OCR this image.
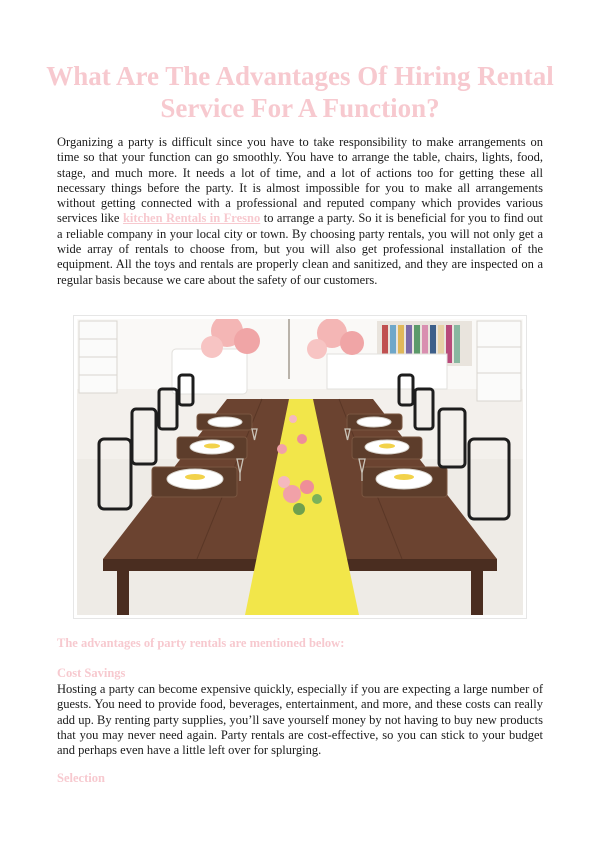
What Are The Advantages Of Hiring Rental Service For A Function?

Organizing a party is difficult since you have to take responsibility to make arrangements on time so that your function can go smoothly. You have to arrange the table, chairs, lights, food, stage, and much more. It needs a lot of time, and a lot of actions too for getting these all necessary things before the party. It is almost impossible for you to make all arrangements without getting connected with a professional and reputed company which provides various services like kitchen Rentals in Fresno to arrange a party. So it is beneficial for you to find out a reliable company in your local city or town. By choosing party rentals, you will not only get a wide array of rentals to choose from, but you will also get professional installation of the equipment. All the toys and rentals are properly clean and sanitized, and they are inspected on a regular basis because we care about the safety of our customers.

The advantages of party rentals are mentioned below:

Cost Savings

Hosting a party can become expensive quickly, especially if you are expecting a large number of guests. You need to provide food, beverages, entertainment, and more, and these costs can really add up. By renting party supplies, you’ll save yourself money by not having to buy new products that you may never need again. Party rentals are cost-effective, so you can stick to your budget and perhaps even have a little left over for splurging.

Selection
